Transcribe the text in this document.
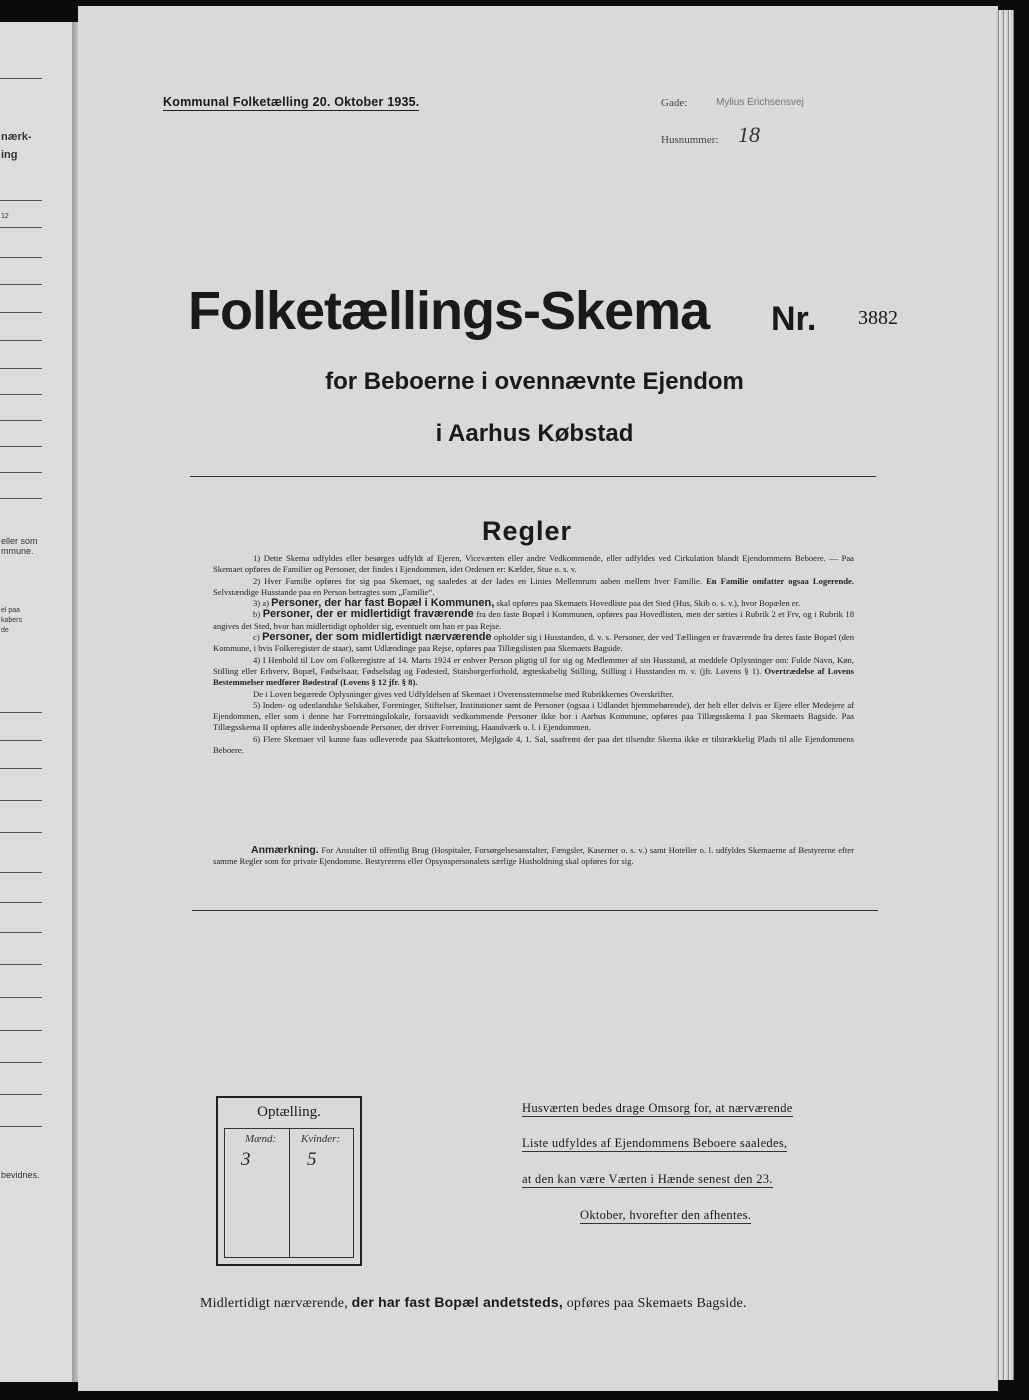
nærk-
ing
12
eller som
mmune.
el paa
kabers
de
bevidnes.
Kommunal Folketælling 20. Oktober 1935.	Gade:	Mylius Erichsensvej
Husnummer: 18
Folketællings-Skema Nr. 3882
for Beboerne i ovennævnte Ejendom
i Aarhus Købstad
Regler

1) Dette Skema udfyldes eller besørges udfyldt af Ejeren, Viceværten eller andre Vedkommende, eller udfyldes ved Cirkulation blandt Ejendommens Beboere. — Paa Skemaet opføres de Familier og Personer, der findes i Ejendommen, idet Ordenen er: Kælder, Stue o. s. v.

2) Hver Familie opføres for sig paa Skemaet, og saaledes at der lades en Linies Mellemrum aaben mellem hver Familie. En Familie omfatter ogsaa Logerende. Selvstændige Husstande paa en Person betragtes som „Familie“.

3) a) Personer, der har fast Bopæl i Kommunen, skal opføres paa Skemaets Hovedliste paa det Sted (Hus, Skib o. s. v.), hvor Bopælen er.

b) Personer, der er midlertidigt fraværende fra den faste Bopæl i Kommunen, opføres paa Hovedlisten, men der sættes i Rubrik 2 et Frv, og i Rubrik 18 angives det Sted, hvor han midlertidigt opholder sig, eventuelt om han er paa Rejse.

c) Personer, der som midlertidigt nærværende opholder sig i Husstanden, d. v. s. Personer, der ved Tællingen er fraværende fra deres faste Bopæl (den Kommune, i hvis Folkeregister de staar), samt Udlændinge paa Rejse, opføres paa Tillægslisten paa Skemaets Bagside.

4) I Henhold til Lov om Folkeregistre af 14. Marts 1924 er enhver Person pligtig til for sig og Medlemmer af sin Husstand, at meddele Oplysninger om: Fulde Navn, Køn, Stilling eller Erhverv, Bopæl, Fødselsaar, Fødselsdag og Fødested, Statsborgerforhold, ægteskabelig Stilling, Stilling i Husstanden m. v. (jfr. Lovens § 1). Overtrædelse af Lovens Bestemmelser medfører Bødestraf (Lovens § 12 jfr. § 8).

De i Loven begærede Oplysninger gives ved Udfyldelsen af Skemaet i Overensstemmelse med Rubrikkernes Overskrifter.

5) Inden- og udenlandske Selskaber, Foreninger, Stiftelser, Institutioner samt de Personer (ogsaa i Udlandet hjemmehørende), der helt eller delvis er Ejere eller Medejere af Ejendommen, eller som i denne har Forretningslokale, forsaavidt vedkommende Personer ikke bor i Aarhus Kommune, opføres paa Tillægsskema I paa Skemaets Bagside. Paa Tillægsskema II opføres alle indenbysboende Personer, der driver Forretning, Haandværk o. l. i Ejendommen.

6) Flere Skemaer vil kunne faas udleverede paa Skattekontoret, Mejlgade 4, 1. Sal, saafremt der paa det tilsendte Skema ikke er tilstrækkelig Plads til alle Ejendommens Beboere.

Anmærkning. For Anstalter til offentlig Brug (Hospitaler, Forsørgelsesanstalter, Fængsler, Kaserner o. s. v.) samt Hoteller o. l. udfyldes Skemaerne af Bestyrerne efter samme Regler som for private Ejendomme. Bestyrerens eller Opsynspersonalets særlige Husholdning skal opføres for sig.
Optælling.
Mænd: Kvinder:
3	5
Husværten bedes drage Omsorg for, at nærværende
Liste udfyldes af Ejendommens Beboere saaledes,
at den kan være Værten i Hænde senest den 23.
Oktober, hvorefter den afhentes.
Midlertidigt nærværende, der har fast Bopæl andetsteds, opføres paa Skemaets Bagside.
